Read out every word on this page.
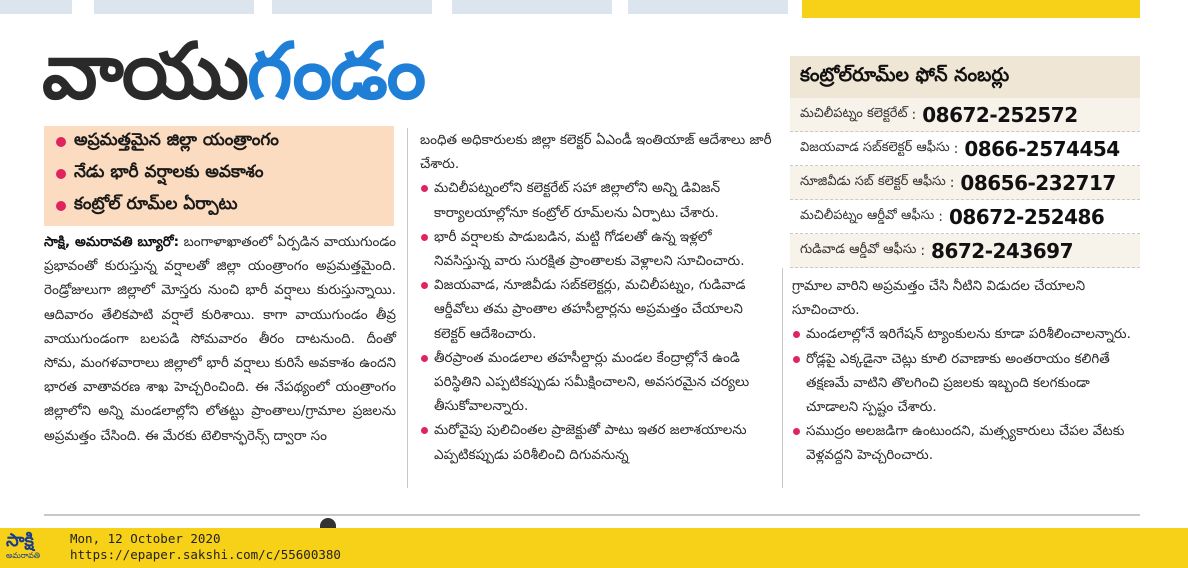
వాయుగండం
అప్రమత్తమైన జిల్లా యంత్రాంగం
నేడు భారీ వర్షాలకు అవకాశం
కంట్రోల్ రూమ్‌ల ఏర్పాటు

సాక్షి, అమరావతి బ్యూరో: బంగాళాఖాతంలో ఏర్పడిన వాయుగుండం ప్రభావంతో కురుస్తున్న వర్షాలతో జిల్లా యంత్రాంగం అప్రమత్తమైంది. రెండ్రోజులుగా జిల్లాలో మోస్తరు నుంచి భారీ వర్షాలు కురుస్తున్నాయి. ఆదివారం తేలికపాటి వర్షాలే కురిశాయి. కాగా వాయుగుండం తీవ్ర వాయుగుండంగా బలపడి సోమవారం తీరం దాటనుంది. దీంతో సోమ, మంగళవారాలు జిల్లాలో భారీ వర్షాలు కురిసే అవకాశం ఉందని భారత వాతావరణ శాఖ హెచ్చరించింది. ఈ నేపథ్యంలో యంత్రాంగం జిల్లాలోని అన్ని మండలాల్లోని లోతట్టు ప్రాంతాలు/గ్రామాల ప్రజలను అప్రమత్తం చేసింది. ఈ మేరకు టెలికాన్ఫరెన్స్ ద్వారా సం

బంధిత అధికారులకు జిల్లా కలెక్టర్ ఏఎండీ ఇంతియాజ్ ఆదేశాలు జారీ చేశారు.

మచిలీపట్నంలోని కలెక్టరేట్ సహా జిల్లాలోని అన్ని డివిజన్ కార్యాలయాల్లోనూ కంట్రోల్ రూమ్‌లను ఏర్పాటు చేశారు.

భారీ వర్షాలకు పాడుబడిన, మట్టి గోడలతో ఉన్న ఇళ్లలో నివసిస్తున్న వారు సురక్షిత ప్రాంతాలకు వెళ్లాలని సూచించారు.

విజయవాడ, నూజివీడు సబ్‌కలెక్టర్లు, మచిలీపట్నం, గుడివాడ ఆర్డీవోలు తమ ప్రాంతాల తహసీల్దార్లను అప్రమత్తం చేయాలని కలెక్టర్ ఆదేశించారు.

తీరప్రాంత మండలాల తహసీల్దార్లు మండల కేంద్రాల్లోనే ఉండి పరిస్థితిని ఎప్పటికప్పుడు సమీక్షించాలని, అవసరమైన చర్యలు తీసుకోవాలన్నారు.

మరోవైపు పులిచింతల ప్రాజెక్టుతో పాటు ఇతర జలాశయాలను ఎప్పటికప్పుడు పరిశీలించి దిగువనున్న

కంట్రోల్‌రూమ్‌ల ఫోన్ నంబర్లు
మచిలీపట్నం కలెక్టరేట్ : 08672-252572
విజయవాడ సబ్‌కలెక్టర్ ఆఫీసు : 0866-2574454
నూజివీడు సబ్ కలెక్టర్ ఆఫీసు : 08656-232717
మచిలీపట్నం ఆర్డీవో ఆఫీసు : 08672-252486
గుడివాడ ఆర్డీవో ఆఫీసు : 8672-243697

గ్రామాల వారిని అప్రమత్తం చేసి నీటిని విడుదల చేయాలని సూచించారు.

మండలాల్లోనే ఇరిగేషన్ ట్యాంకులను కూడా పరిశీలించాలన్నారు.

రోడ్లపై ఎక్కడైనా చెట్లు కూలి రవాణాకు అంతరాయం కలిగితే తక్షణమే వాటిని తొలగించి ప్రజలకు ఇబ్బంది కలగకుండా చూడాలని స్పష్టం చేశారు.

సముద్రం అలజడిగా ఉంటుందని, మత్స్యకారులు చేపల వేటకు వెళ్లవద్దని హెచ్చరించారు.

సాక్షి
అమరావతి
Mon, 12 October 2020
https://epaper.sakshi.com/c/55600380
